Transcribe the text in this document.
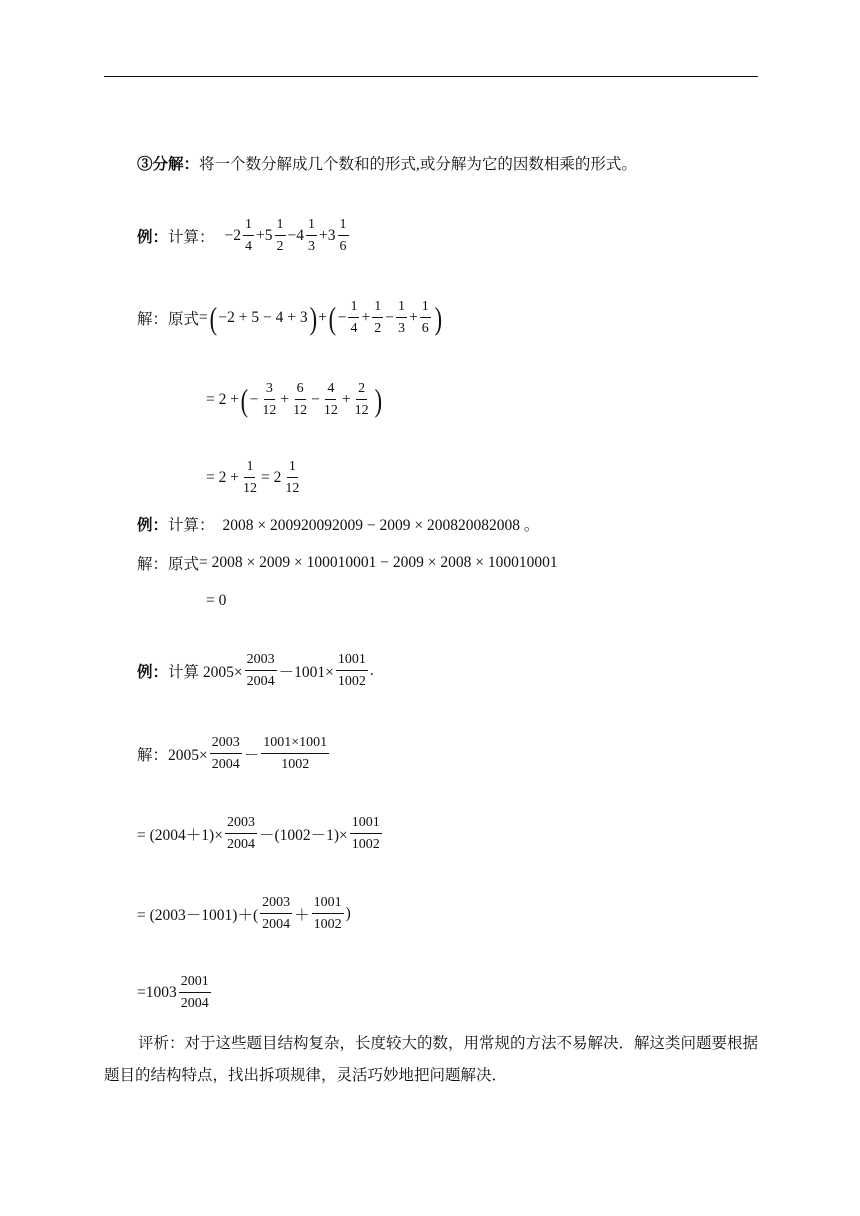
③分解： 将一个数分解成几个数和的形式,或分解为它的因数相乘的形式。
例： 计算： − $2 \frac{1}{4} + 5 \frac{1}{2} - 4 \frac{1}{3} + 3 \frac{1}{6}$
解：原式 = ( −2 + 5 − 4 + 3 ) + ( − $\frac{1}{4} + \frac{1}{2} - \frac{1}{3} + \frac{1}{6}$ )
= 2 + ( − $\frac{3}{12} + \frac{6}{12} - \frac{4}{12} + \frac{2}{12}$ )
= $2 + \frac{1}{12} = 2 \frac{1}{12}$
例： 计算： 2008 × 200920092009 − 2009 × 200820082008 。
解：原式 = 2008 × 2009 × 100010001 − 2009 × 2008 × 100010001
= 0
例： 计算 $2005\times \frac{2003}{2004} -1001\times \frac{1001}{1002}$ .
解：$2005\times \frac{2003}{2004} - \frac{1001\times 1001}{1002}$
= $(2004+1)\times \frac{2003}{2004} -(1002-1)\times \frac{1001}{1002}$
= $(2003-1001)+( \frac{2003}{2004} + \frac{1001}{1002}$ )
$=1003 \frac{2001}{2004}$
评析：对于这些题目结构复杂，长度较大的数，用常规的方法不易解决．解这类问题要根据题目的结构特点，找出拆项规律，灵活巧妙地把问题解决．
